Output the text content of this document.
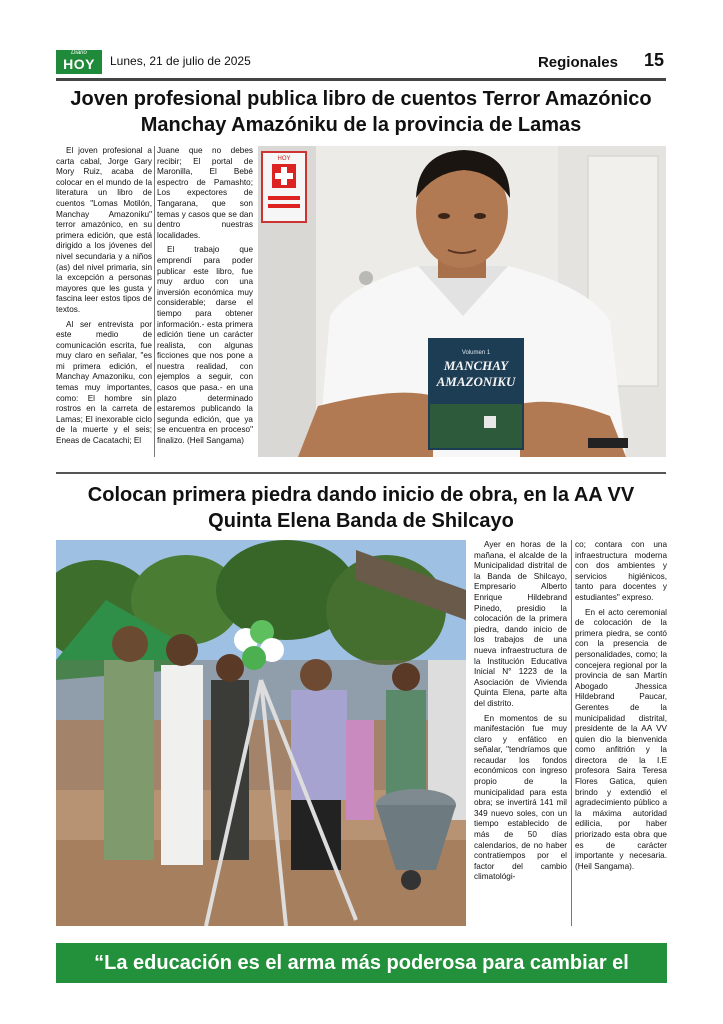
Diario
HOY	Lunes, 21 de julio de 2025	Regionales 15
Joven profesional publica libro de cuentos Terror Amazónico
Manchay Amazóniku de la provincia de Lamas

El joven profesional a carta cabal, Jorge Gary Mory Ruiz, acaba de colocar en el mundo de la literatura un libro de cuentos "Lomas Motilón, Manchay Amazoniku" terror amazónico, en su primera edición, que está dirigido a los jóvenes del nivel secundaria y a niños (as) del nivel primaria, sin la excepción a personas mayores que les gusta y fascina leer estos tipos de textos.

Al ser entrevista por este medio de comunicación escrita, fue muy claro en señalar, "es mi primera edición, el Manchay Amazoniku, con temas muy importantes, como: El hombre sin rostros en la carreta de Lamas; El inexorable ciclo de la muerte y el seis; Eneas de Cacatachi; El

Juane que no debes recibir; El portal de Maronilla, El Bebé espectro de Pamashto; Los expectores de Tangarana, que son temas y casos que se dan dentro nuestras localidades.

El trabajo que emprendí para poder publicar este libro, fue muy arduo con una inversión económica muy considerable; darse el tiempo para obtener información.- esta primera edición tiene un carácter realista, con algunas ficciones que nos pone a nuestra realidad, con ejemplos a seguir, con casos que pasa.- en una plazo determinado estaremos publicando la segunda edición, que ya se encuentra en proceso" finalizo. (Heil Sangama)

HOY
Volumen 1
MANCHAY
AMAZONIKU
Colocan primera piedra dando inicio de obra, en la AA VV
Quinta Elena Banda de Shilcayo

Ayer en horas de la mañana, el alcalde de la Municipalidad distrital de la Banda de Shilcayo, Empresario Alberto Enrique Hildebrand Pinedo, presidio la colocación de la primera piedra, dando inicio de los trabajos de una nueva infraestructura de la Institución Educativa Inicial N° 1223 de la Asociación de Vivienda Quinta Elena, parte alta del distrito.

En momentos de su manifestación fue muy claro y enfático en señalar, "tendríamos que recaudar los fondos económicos con ingreso propio de la municipalidad para esta obra; se invertirá 141 mil 349 nuevo soles, con un tiempo establecido de más de 50 días calendarios, de no haber contratiempos por el factor del cambio climatológi-

co; contara con una infraestructura moderna con dos ambientes y servicios higiénicos, tanto para docentes y estudiantes" expreso.

En el acto ceremonial de colocación de la primera piedra, se contó con la presencia de personalidades, como; la concejera regional por la provincia de san Martín Abogado Jhessica Hildebrand Paucar, Gerentes de la municipalidad distrital, presidente de la AA VV quien dio la bienvenida como anfitrión y la directora de la I.E profesora Saira Teresa Flores Gatica, quien brindo y extendió el agradecimiento público a la máxima autoridad edilicia, por haber priorizado esta obra que es de carácter importante y necesaria. (Heil Sangama).

“La educación es el arma más poderosa para cambiar el mundo”
